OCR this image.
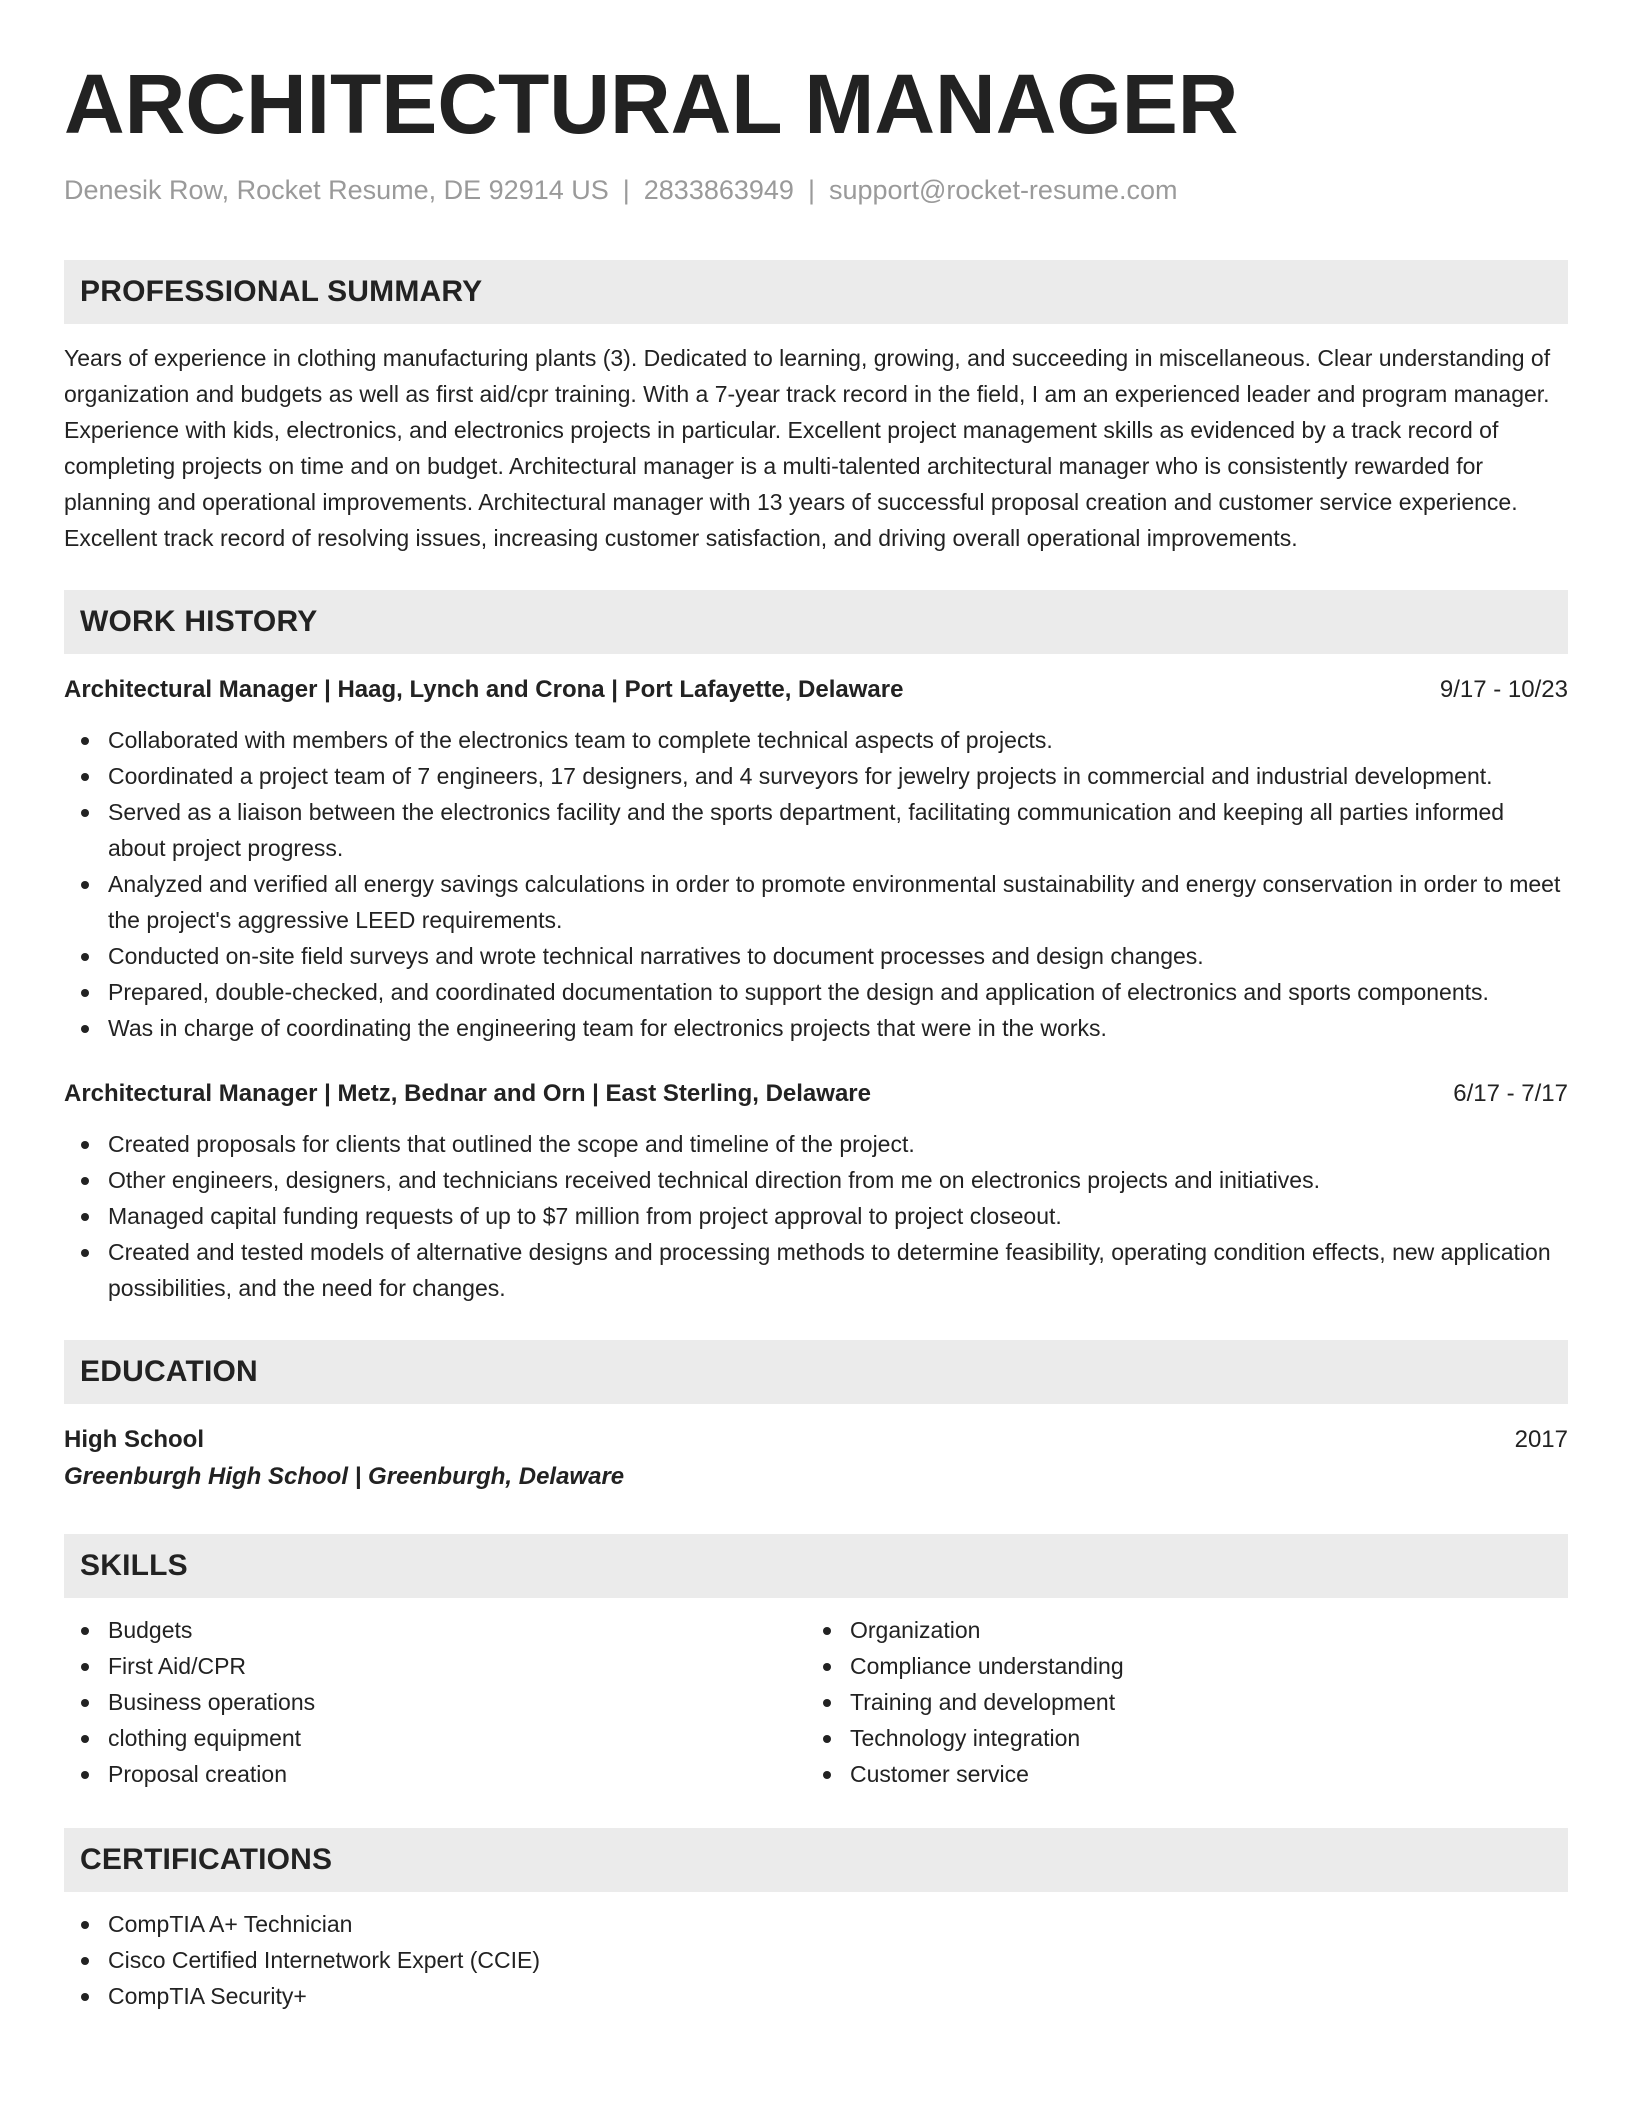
ARCHITECTURAL MANAGER
Denesik Row, Rocket Resume, DE 92914 US | 2833863949 | support@rocket-resume.com
PROFESSIONAL SUMMARY
Years of experience in clothing manufacturing plants (3). Dedicated to learning, growing, and succeeding in miscellaneous. Clear understanding of organization and budgets as well as first aid/cpr training. With a 7-year track record in the field, I am an experienced leader and program manager. Experience with kids, electronics, and electronics projects in particular. Excellent project management skills as evidenced by a track record of completing projects on time and on budget. Architectural manager is a multi-talented architectural manager who is consistently rewarded for planning and operational improvements. Architectural manager with 13 years of successful proposal creation and customer service experience. Excellent track record of resolving issues, increasing customer satisfaction, and driving overall operational improvements.
WORK HISTORY
Architectural Manager | Haag, Lynch and Crona | Port Lafayette, Delaware	9/17 - 10/23
Collaborated with members of the electronics team to complete technical aspects of projects.
Coordinated a project team of 7 engineers, 17 designers, and 4 surveyors for jewelry projects in commercial and industrial development.
Served as a liaison between the electronics facility and the sports department, facilitating communication and keeping all parties informed about project progress.
Analyzed and verified all energy savings calculations in order to promote environmental sustainability and energy conservation in order to meet the project's aggressive LEED requirements.
Conducted on-site field surveys and wrote technical narratives to document processes and design changes.
Prepared, double-checked, and coordinated documentation to support the design and application of electronics and sports components.
Was in charge of coordinating the engineering team for electronics projects that were in the works.
Architectural Manager | Metz, Bednar and Orn | East Sterling, Delaware	6/17 - 7/17
Created proposals for clients that outlined the scope and timeline of the project.
Other engineers, designers, and technicians received technical direction from me on electronics projects and initiatives.
Managed capital funding requests of up to $7 million from project approval to project closeout.
Created and tested models of alternative designs and processing methods to determine feasibility, operating condition effects, new application possibilities, and the need for changes.
EDUCATION
High School	2017
Greenburgh High School | Greenburgh, Delaware
SKILLS
Budgets
First Aid/CPR
Business operations
clothing equipment
Proposal creation
Organization
Compliance understanding
Training and development
Technology integration
Customer service
CERTIFICATIONS
CompTIA A+ Technician
Cisco Certified Internetwork Expert (CCIE)
CompTIA Security+
